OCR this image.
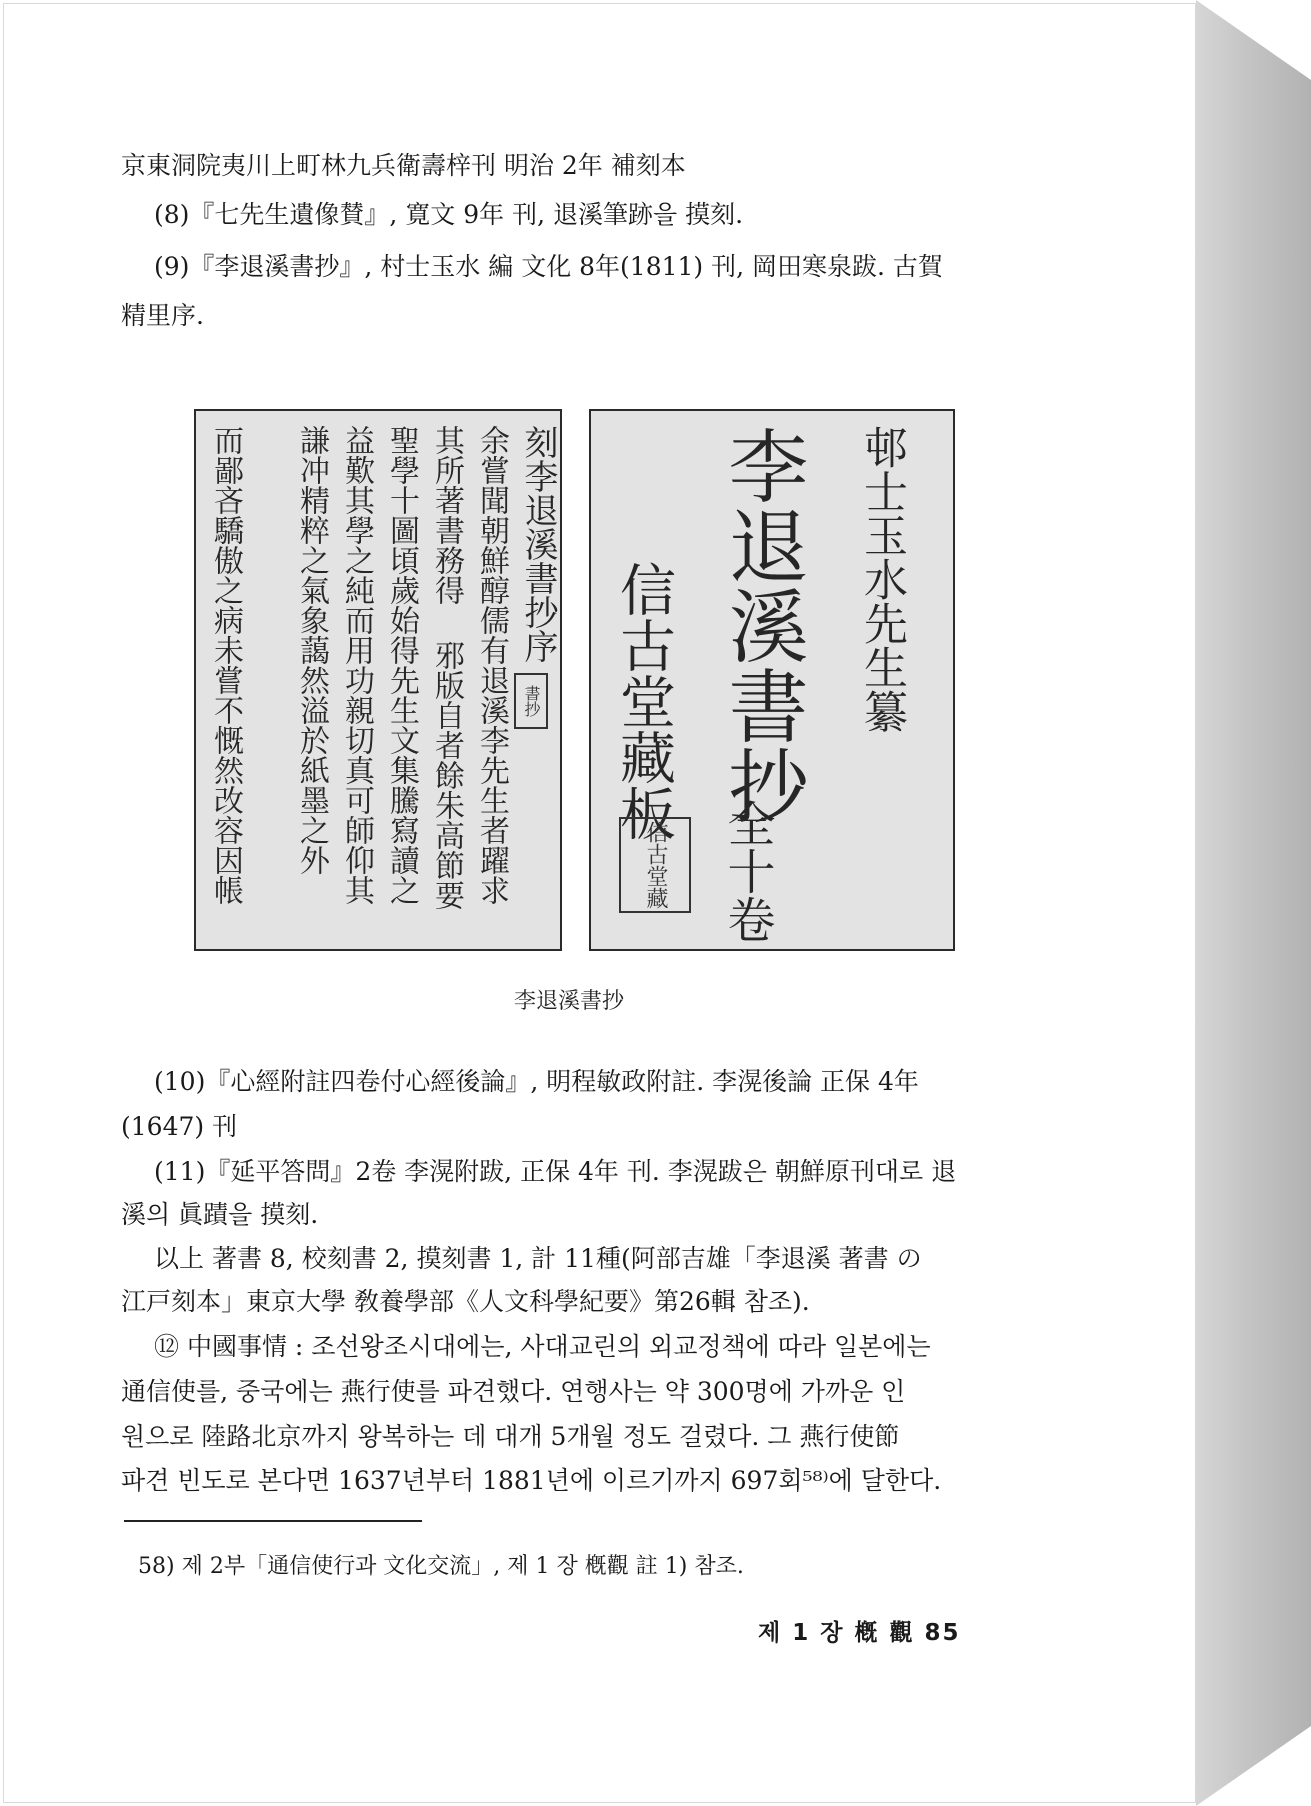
京東洞院夷川上町林九兵衛壽梓刊 明治 2年 補刻本

(8)『七先生遺像賛』, 寛文 9年 刊, 退溪筆跡을 摸刻.

(9)『李退溪書抄』, 村士玉水 編 文化 8年(1811) 刊, 岡田寒泉跋. 古賀

精里序.

刻李退溪書抄序
余嘗聞朝鮮醇儒有退溪李先生者躍求
其所著書務得 邪版自者餘朱高節要
聖學十圖頃歲始得先生文集騰寫讀之
益歎其學之純而用功親切真可師仰其
謙冲精粹之氣象藹然溢於紙墨之外
而鄙吝驕傲之病未嘗不慨然改容因帳	書抄	邨士玉水先生纂
李退溪書抄
全十卷
信古堂藏板
信古堂藏
李退溪書抄

(10)『心經附註四卷付心經後論』, 明程敏政附註. 李滉後論 正保 4年

(1647) 刊

(11)『延平答問』2卷 李滉附跋, 正保 4年 刊. 李滉跋은 朝鮮原刊대로 退

溪의 眞蹟을 摸刻.

以上 著書 8, 校刻書 2, 摸刻書 1, 計 11種(阿部吉雄「李退溪 著書 の

江戸刻本」東京大學 敎養學部《人文科學紀要》第26輯 참조).

⑫ 中國事情 : 조선왕조시대에는, 사대교린의 외교정책에 따라 일본에는

通信使를, 중국에는 燕行使를 파견했다. 연행사는 약 300명에 가까운 인

원으로 陸路北京까지 왕복하는 데 대개 5개월 정도 걸렸다. 그 燕行使節

파견 빈도로 본다면 1637년부터 1881년에 이르기까지 697회⁵⁸⁾에 달한다.

58) 제 2부「通信使行과 文化交流」, 제 1 장 槪觀 註 1) 참조.
제 1 장 槪 觀 85
